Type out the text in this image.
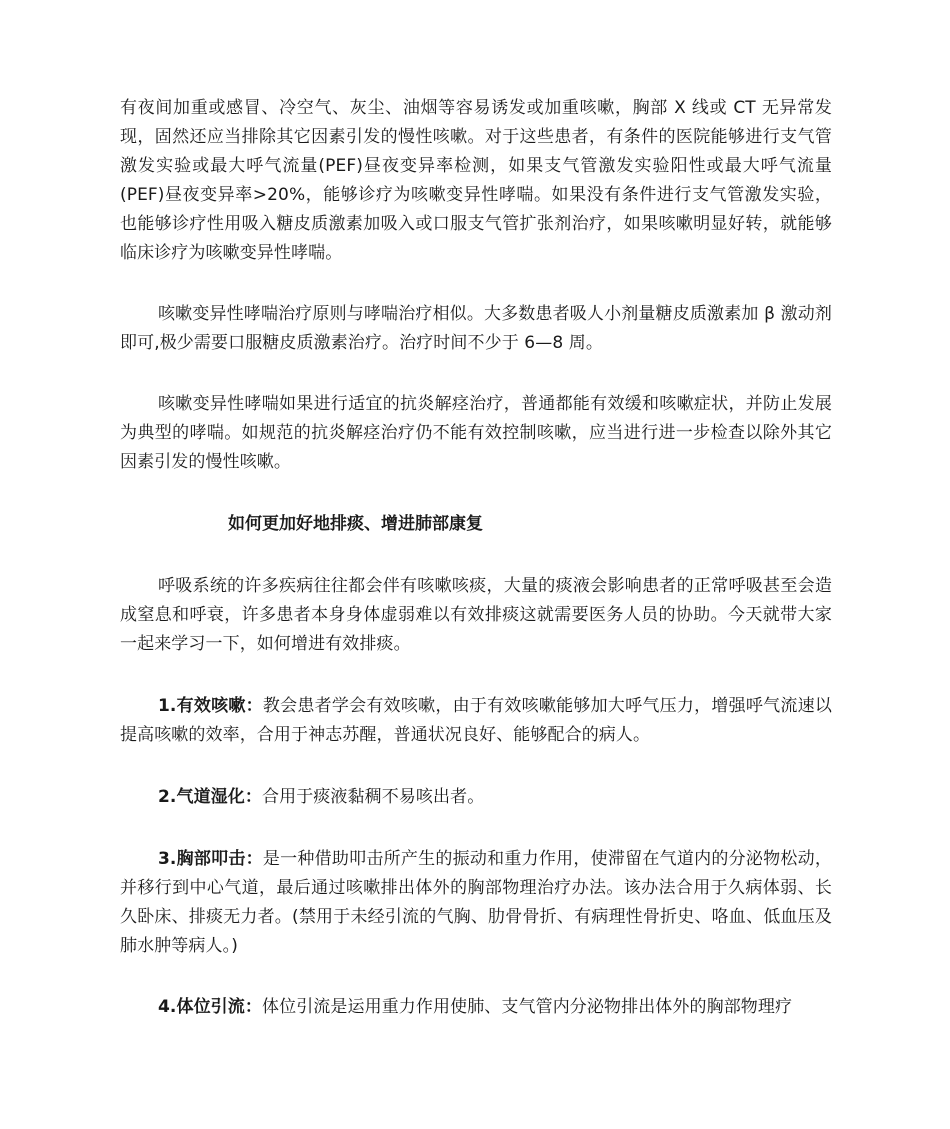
有夜间加重或感冒、冷空气、灰尘、油烟等容易诱发或加重咳嗽，胸部 X 线或 CT 无异常发现，固然还应当排除其它因素引发的慢性咳嗽。对于这些患者，有条件的医院能够进行支气管激发实验或最大呼气流量(PEF)昼夜变异率检测，如果支气管激发实验阳性或最大呼气流量(PEF)昼夜变异率>20%，能够诊疗为咳嗽变异性哮喘。如果没有条件进行支气管激发实验，也能够诊疗性用吸入糖皮质激素加吸入或口服支气管扩张剂治疗，如果咳嗽明显好转，就能够临床诊疗为咳嗽变异性哮喘。

咳嗽变异性哮喘治疗原则与哮喘治疗相似。大多数患者吸人小剂量糖皮质激素加 β 激动剂即可,极少需要口服糖皮质激素治疗。治疗时间不少于 6—8 周。

咳嗽变异性哮喘如果进行适宜的抗炎解痉治疗，普通都能有效缓和咳嗽症状，并防止发展为典型的哮喘。如规范的抗炎解痉治疗仍不能有效控制咳嗽，应当进行进一步检查以除外其它因素引发的慢性咳嗽。

如何更加好地排痰、增进肺部康复

呼吸系统的许多疾病往往都会伴有咳嗽咳痰，大量的痰液会影响患者的正常呼吸甚至会造成窒息和呼衰，许多患者本身身体虚弱难以有效排痰这就需要医务人员的协助。今天就带大家一起来学习一下，如何增进有效排痰。

1.有效咳嗽：教会患者学会有效咳嗽，由于有效咳嗽能够加大呼气压力，增强呼气流速以提高咳嗽的效率，合用于神志苏醒，普通状况良好、能够配合的病人。

2.气道湿化：合用于痰液黏稠不易咳出者。

3.胸部叩击：是一种借助叩击所产生的振动和重力作用，使滞留在气道内的分泌物松动，并移行到中心气道，最后通过咳嗽排出体外的胸部物理治疗办法。该办法合用于久病体弱、长久卧床、排痰无力者。(禁用于未经引流的气胸、肋骨骨折、有病理性骨折史、咯血、低血压及肺水肿等病人。)

4.体位引流：体位引流是运用重力作用使肺、支气管内分泌物排出体外的胸部物理疗
